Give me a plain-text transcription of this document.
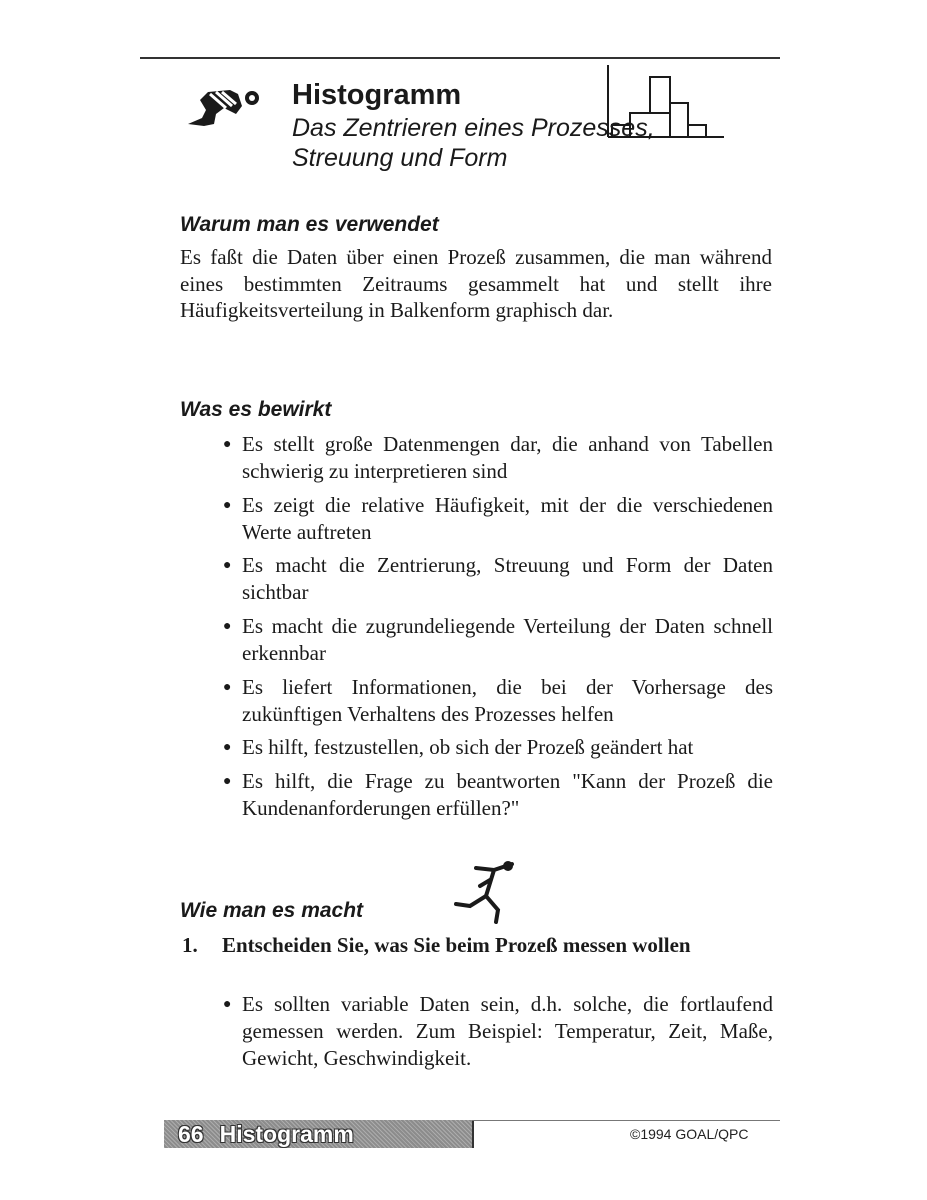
Histogramm
Das Zentrieren eines Prozesses, Streuung und Form
Warum man es verwendet
Es faßt die Daten über einen Prozeß zusammen, die man während eines bestimmten Zeitraums gesammelt hat und stellt ihre Häufigkeitsverteilung in Balkenform graphisch dar.
Was es bewirkt
● Es stellt große Datenmengen dar, die anhand von Tabellen schwierig zu interpretieren sind
● Es zeigt die relative Häufigkeit, mit der die verschiedenen Werte auftreten
● Es macht die Zentrierung, Streuung und Form der Daten sichtbar
● Es macht die zugrundeliegende Verteilung der Daten schnell erkennbar
● Es liefert Informationen, die bei der Vorhersage des zukünftigen Verhaltens des Prozesses helfen
● Es hilft, festzustellen, ob sich der Prozeß geändert hat
● Es hilft, die Frage zu beantworten "Kann der Prozeß die Kundenanforderungen erfüllen?"
Wie man es macht
1. Entscheiden Sie, was Sie beim Prozeß messen wollen
● Es sollten variable Daten sein, d.h. solche, die fortlaufend gemessen werden. Zum Beispiel: Temperatur, Zeit, Maße, Gewicht, Geschwindigkeit.
66 Histogramm	©1994 GOAL/QPC
